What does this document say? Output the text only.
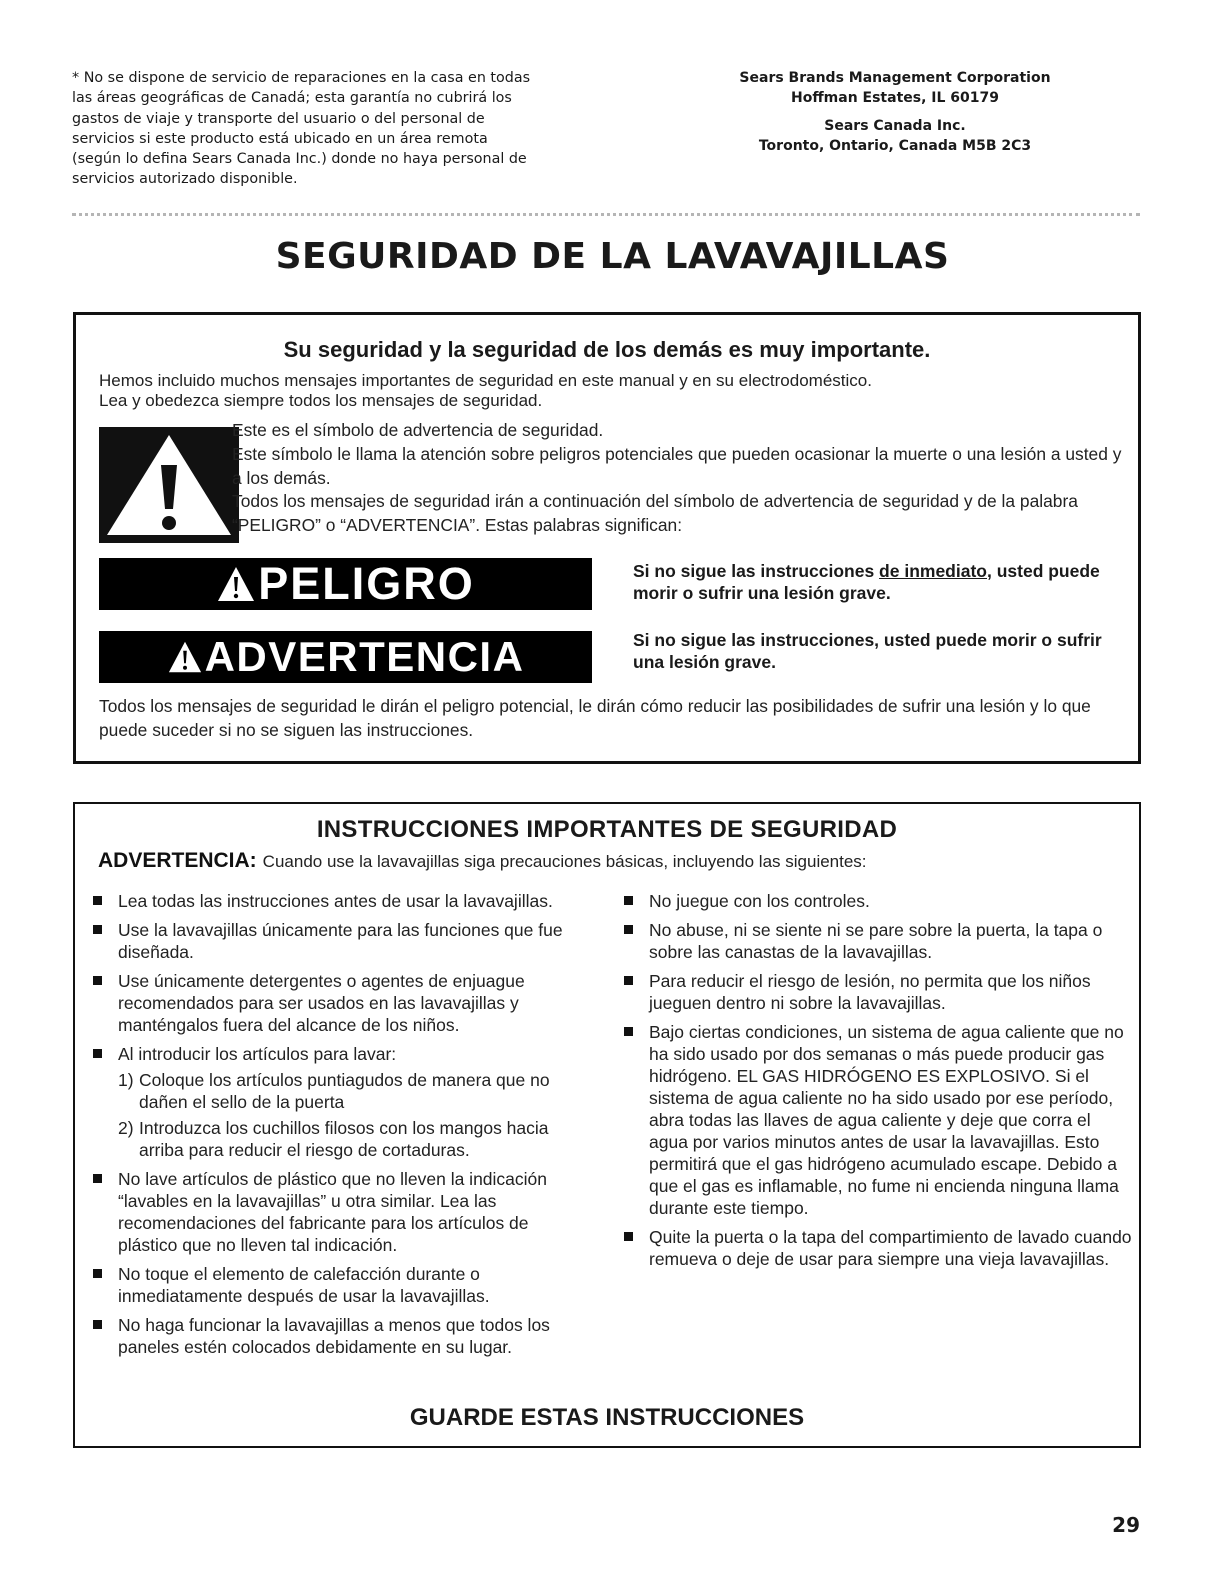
* No se dispone de servicio de reparaciones en la casa en todas
las áreas geográficas de Canadá; esta garantía no cubrirá los
gastos de viaje y transporte del usuario o del personal de
servicios si este producto está ubicado en un área remota
(según lo defina Sears Canada Inc.) donde no haya personal de
servicios autorizado disponible.
Sears Brands Management Corporation
Hoffman Estates, IL 60179
Sears Canada Inc.
Toronto, Ontario, Canada M5B 2C3
SEGURIDAD DE LA LAVAVAJILLAS
Su seguridad y la seguridad de los demás es muy importante.
Hemos incluido muchos mensajes importantes de seguridad en este manual y en su electrodoméstico.
Lea y obedezca siempre todos los mensajes de seguridad.
Este es el símbolo de advertencia de seguridad.
Este símbolo le llama la atención sobre peligros potenciales que pueden ocasionar la muerte o una lesión a usted y a los demás.
Todos los mensajes de seguridad irán a continuación del símbolo de advertencia de seguridad y de la palabra “PELIGRO” o “ADVERTENCIA”. Estas palabras significan:
PELIGRO	Si no sigue las instrucciones de inmediato, usted puede morir o sufrir una lesión grave.
ADVERTENCIA	Si no sigue las instrucciones, usted puede morir o sufrir una lesión grave.
Todos los mensajes de seguridad le dirán el peligro potencial, le dirán cómo reducir las posibilidades de sufrir una lesión y lo que puede suceder si no se siguen las instrucciones.
INSTRUCCIONES IMPORTANTES DE SEGURIDAD
ADVERTENCIA: Cuando use la lavavajillas siga precauciones básicas, incluyendo las siguientes:
Lea todas las instrucciones antes de usar la lavavajillas.
Use la lavavajillas únicamente para las funciones que fue diseñada.
Use únicamente detergentes o agentes de enjuague recomendados para ser usados en las lavavajillas y manténgalos fuera del alcance de los niños.
Al introducir los artículos para lavar:
1) Coloque los artículos puntiagudos de manera que no dañen el sello de la puerta
2) Introduzca los cuchillos filosos con los mangos hacia arriba para reducir el riesgo de cortaduras.
No lave artículos de plástico que no lleven la indicación “lavables en la lavavajillas” u otra similar. Lea las recomendaciones del fabricante para los artículos de plástico que no lleven tal indicación.
No toque el elemento de calefacción durante o inmediatamente después de usar la lavavajillas.
No haga funcionar la lavavajillas a menos que todos los paneles estén colocados debidamente en su lugar.
No juegue con los controles.
No abuse, ni se siente ni se pare sobre la puerta, la tapa o sobre las canastas de la lavavajillas.
Para reducir el riesgo de lesión, no permita que los niños jueguen dentro ni sobre la lavavajillas.
Bajo ciertas condiciones, un sistema de agua caliente que no ha sido usado por dos semanas o más puede producir gas hidrógeno. EL GAS HIDRÓGENO ES EXPLOSIVO. Si el sistema de agua caliente no ha sido usado por ese período, abra todas las llaves de agua caliente y deje que corra el agua por varios minutos antes de usar la lavavajillas. Esto permitirá que el gas hidrógeno acumulado escape. Debido a que el gas es inflamable, no fume ni encienda ninguna llama durante este tiempo.
Quite la puerta o la tapa del compartimiento de lavado cuando remueva o deje de usar para siempre una vieja lavavajillas.
GUARDE ESTAS INSTRUCCIONES
29
